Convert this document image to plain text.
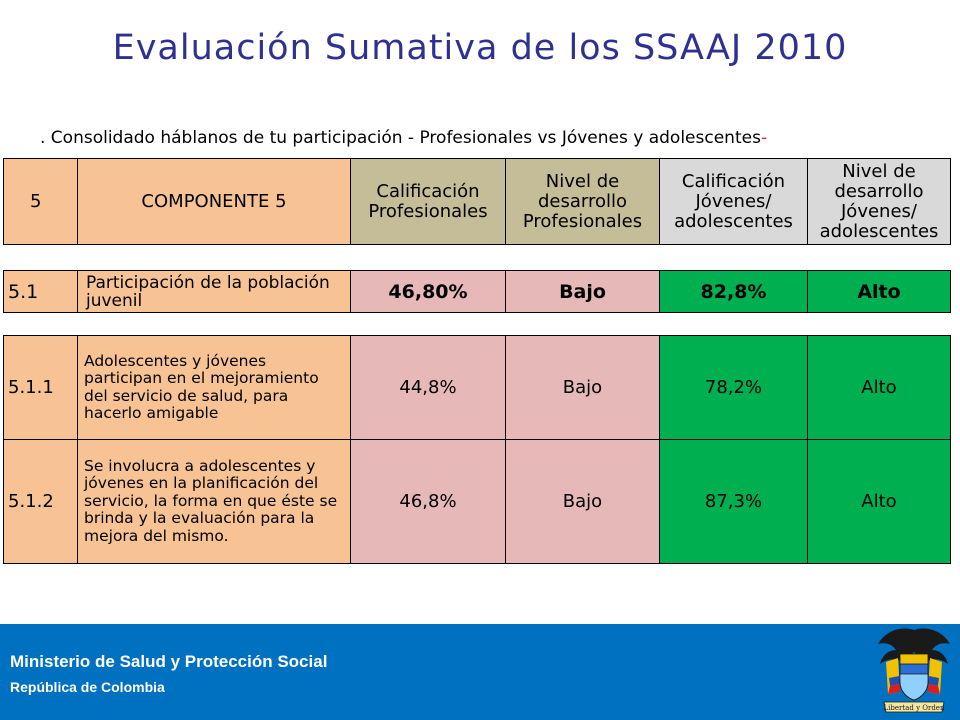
Evaluación Sumativa de los SSAAJ 2010
. Consolidado háblanos de tu participación - Profesionales vs Jóvenes y adolescentes-
5	COMPONENTE 5	Calificación Profesionales	Nivel de desarrollo Profesionales	Calificación Jóvenes/ adolescentes	Nivel de desarrollo Jóvenes/ adolescentes
5.1	Participación de la población juvenil	46,80%	Bajo	82,8%	Alto
5.1.1	Adolescentes y jóvenes participan en el mejoramiento del servicio de salud, para hacerlo amigable	44,8%	Bajo	78,2%	Alto
5.1.2	Se involucra a adolescentes y jóvenes en la planificación del servicio, la forma en que éste se brinda y la evaluación para la mejora del mismo.	46,8%	Bajo	87,3%	Alto
Ministerio de Salud y Protección Social
República de Colombia
Libertad y Orden
